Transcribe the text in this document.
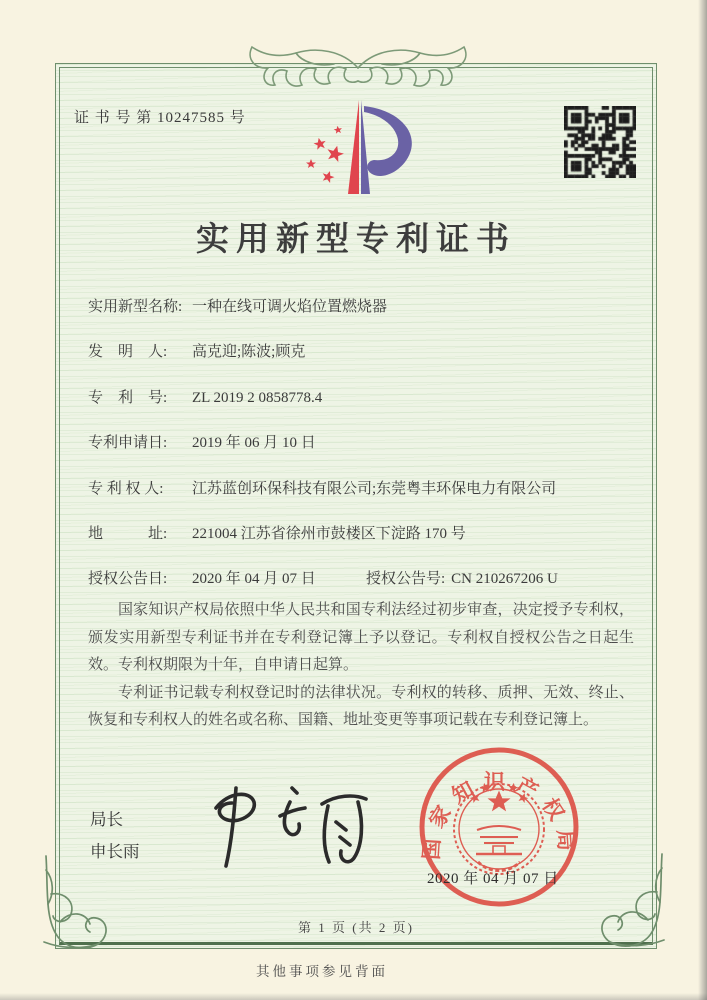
证 书 号 第 10247585 号
实用新型专利证书
实用新型名称: 一种在线可调火焰位置燃烧器
发　明　人: 高克迎;陈波;顾克
专　利　号: ZL 2019 2 0858778.4
专利申请日: 2019 年 06 月 10 日
专 利 权 人: 江苏蓝创环保科技有限公司;东莞粤丰环保电力有限公司
地　　　址: 221004 江苏省徐州市鼓楼区下淀路 170 号
授权公告日: 2020 年 04 月 07 日	授权公告号: CN 210267206 U

国家知识产权局依照中华人民共和国专利法经过初步审查，决定授予专利权，颁发实用新型专利证书并在专利登记簿上予以登记。专利权自授权公告之日起生效。专利权期限为十年，自申请日起算。

专利证书记载专利权登记时的法律状况。专利权的转移、质押、无效、终止、恢复和专利权人的姓名或名称、国籍、地址变更等事项记载在专利登记簿上。

局长
申长雨	国家知识产权局
2020 年 04 月 07 日
第 1 页 (共 2 页)
其他事项参见背面
